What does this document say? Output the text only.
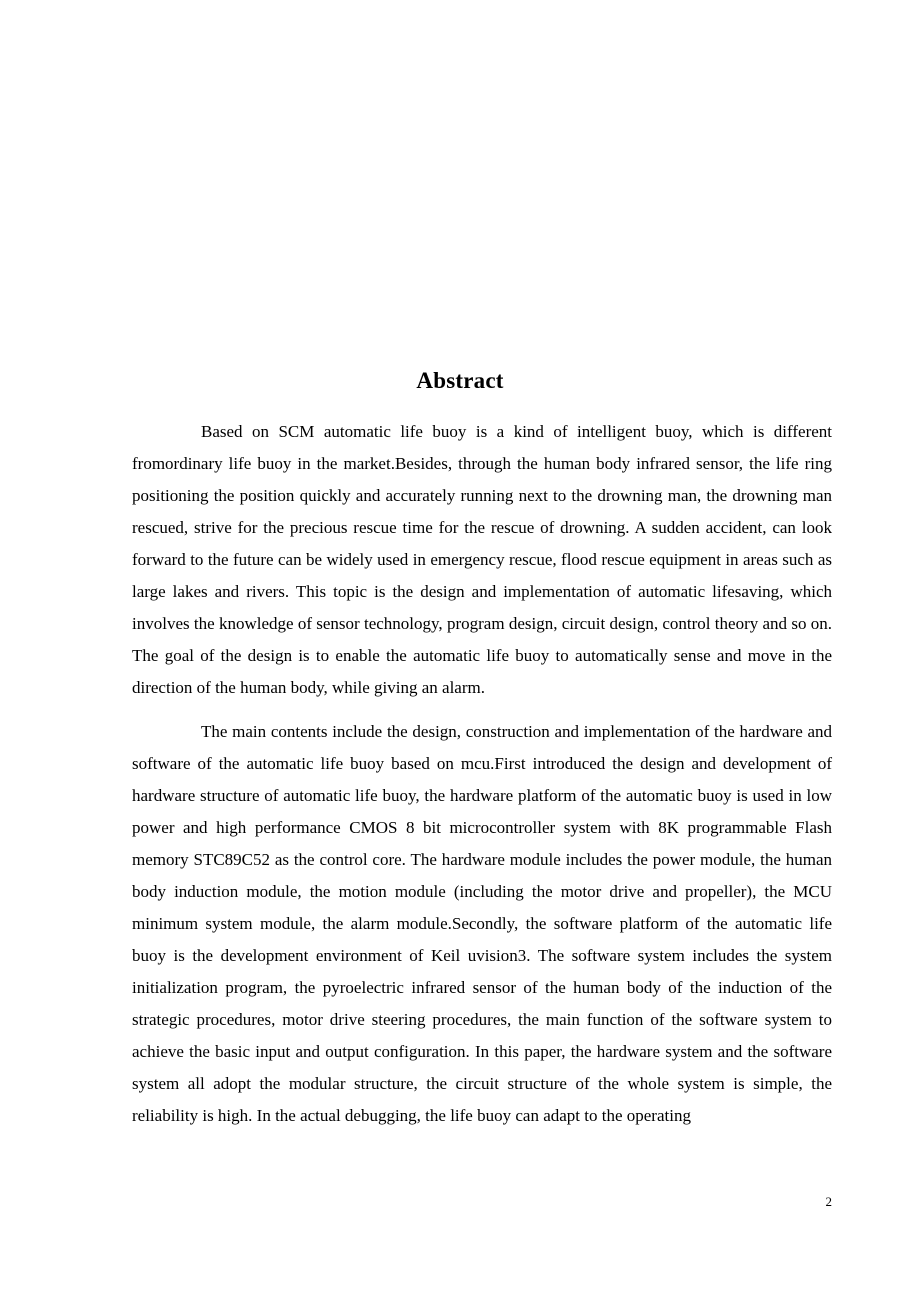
Abstract

Based on SCM automatic life buoy is a kind of intelligent buoy, which is different fromordinary life buoy in the market.Besides, through the human body infrared sensor, the life ring positioning the position quickly and accurately running next to the drowning man, the drowning man rescued, strive for the precious rescue time for the rescue of drowning. A sudden accident, can look forward to the future can be widely used in emergency rescue, flood rescue equipment in areas such as large lakes and rivers. This topic is the design and implementation of automatic lifesaving, which involves the knowledge of sensor technology, program design, circuit design, control theory and so on. The goal of the design is to enable the automatic life buoy to automatically sense and move in the direction of the human body, while giving an alarm.

The main contents include the design, construction and implementation of the hardware and software of the automatic life buoy based on mcu.First introduced the design and development of hardware structure of automatic life buoy, the hardware platform of the automatic buoy is used in low power and high performance CMOS 8 bit microcontroller system with 8K programmable Flash memory STC89C52 as the control core. The hardware module includes the power module, the human body induction module, the motion module (including the motor drive and propeller), the MCU minimum system module, the alarm module.Secondly, the software platform of the automatic life buoy is the development environment of Keil uvision3. The software system includes the system initialization program, the pyroelectric infrared sensor of the human body of the induction of the strategic procedures, motor drive steering procedures, the main function of the software system to achieve the basic input and output configuration. In this paper, the hardware system and the software system all adopt the modular structure, the circuit structure of the whole system is simple, the reliability is high. In the actual debugging, the life buoy can adapt to the operating

2
